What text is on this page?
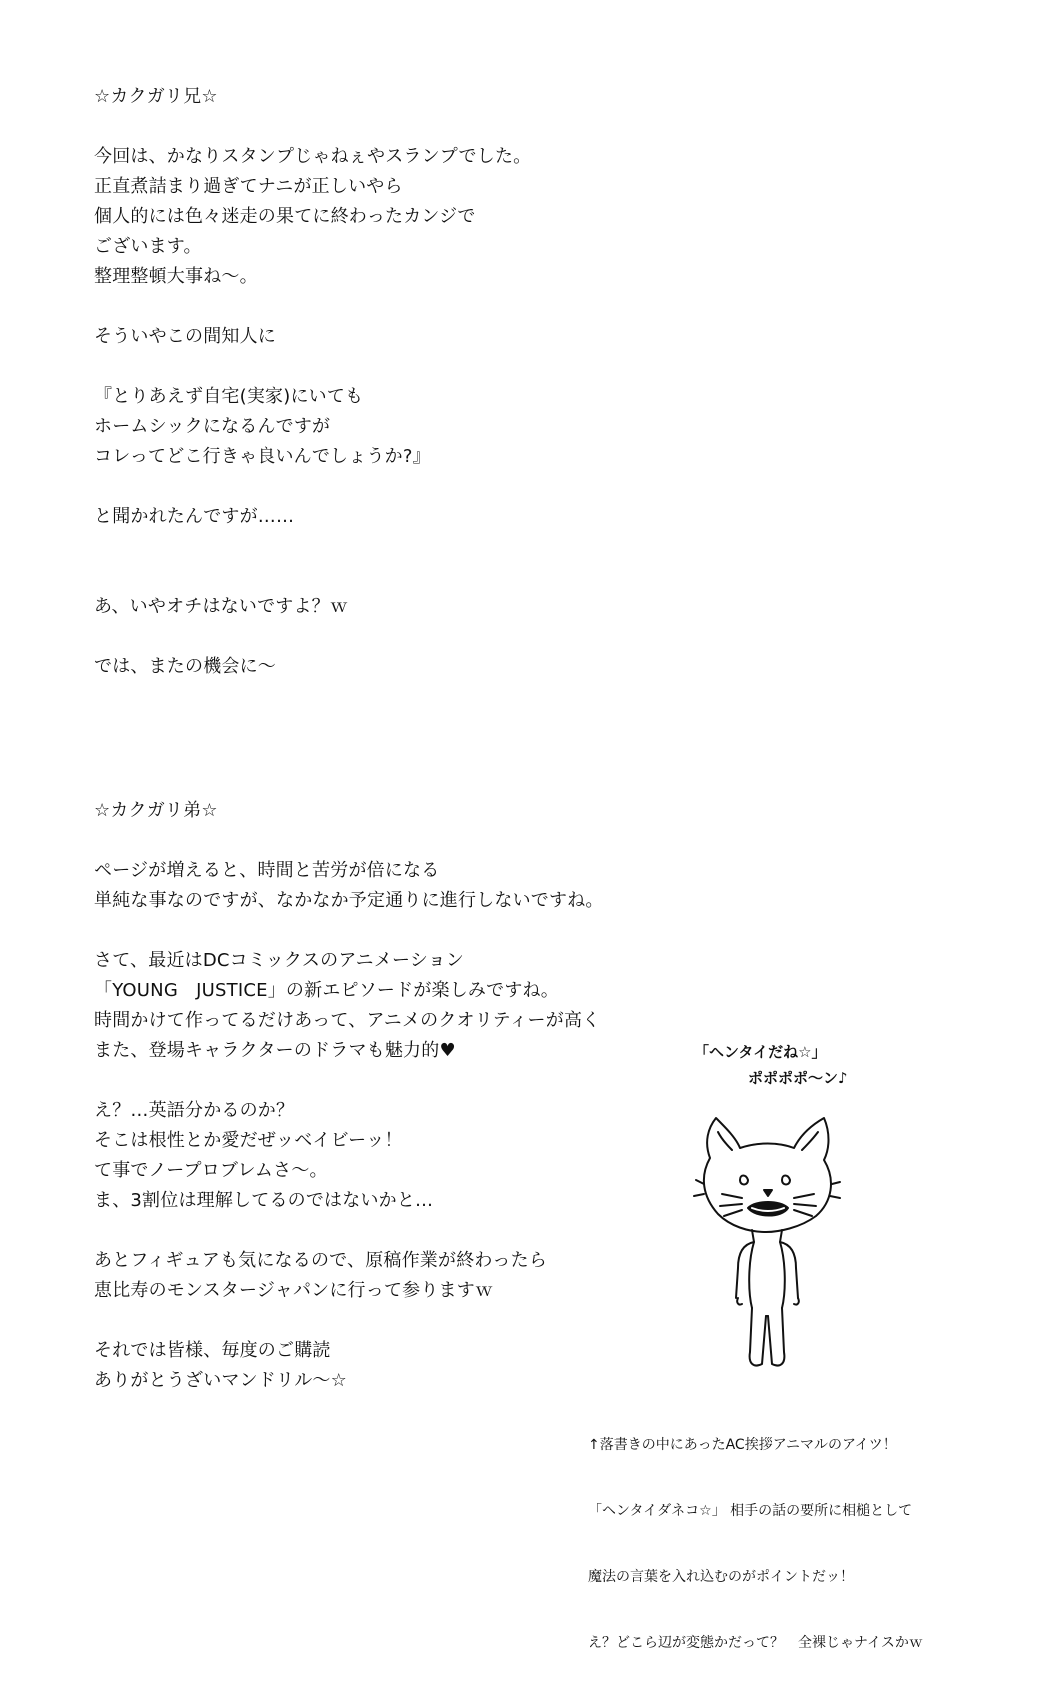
☆カクガリ兄☆
今回は、かなりスタンプじゃねぇやスランプでした。
正直煮詰まり過ぎてナニが正しいやら
個人的には色々迷走の果てに終わったカンジで
ございます。
整理整頓大事ね〜。
そういやこの間知人に
『とりあえず自宅(実家)にいても
ホームシックになるんですが
コレってどこ行きゃ良いんでしょうか?』
と聞かれたんですが……
あ、いやオチはないですよ？ｗ
では、またの機会に〜
☆カクガリ弟☆
ページが増えると、時間と苦労が倍になる
単純な事なのですが、なかなか予定通りに進行しないですね。
さて、最近はDCコミックスのアニメーション
「YOUNG　JUSTICE」の新エピソードが楽しみですね。
時間かけて作ってるだけあって、アニメのクオリティーが高く
また、登場キャラクターのドラマも魅力的♥
え？…英語分かるのか？
そこは根性とか愛だぜッベイビーッ！
て事でノープロブレムさ〜。
ま、3割位は理解してるのではないかと…
あとフィギュアも気になるので、原稿作業が終わったら
恵比寿のモンスタージャパンに行って参りますｗ
それでは皆様、毎度のご購読
ありがとうざいマンドリル〜☆
「ヘンタイだね☆」
ポポポポ〜ン♪

↑落書きの中にあったAC挨拶アニマルのアイツ！

「ヘンタイダネコ☆」 相手の話の要所に相槌として

魔法の言葉を入れ込むのがポイントだッ！

え？どこら辺が変態かだって？　全裸じゃナイスかｗ
